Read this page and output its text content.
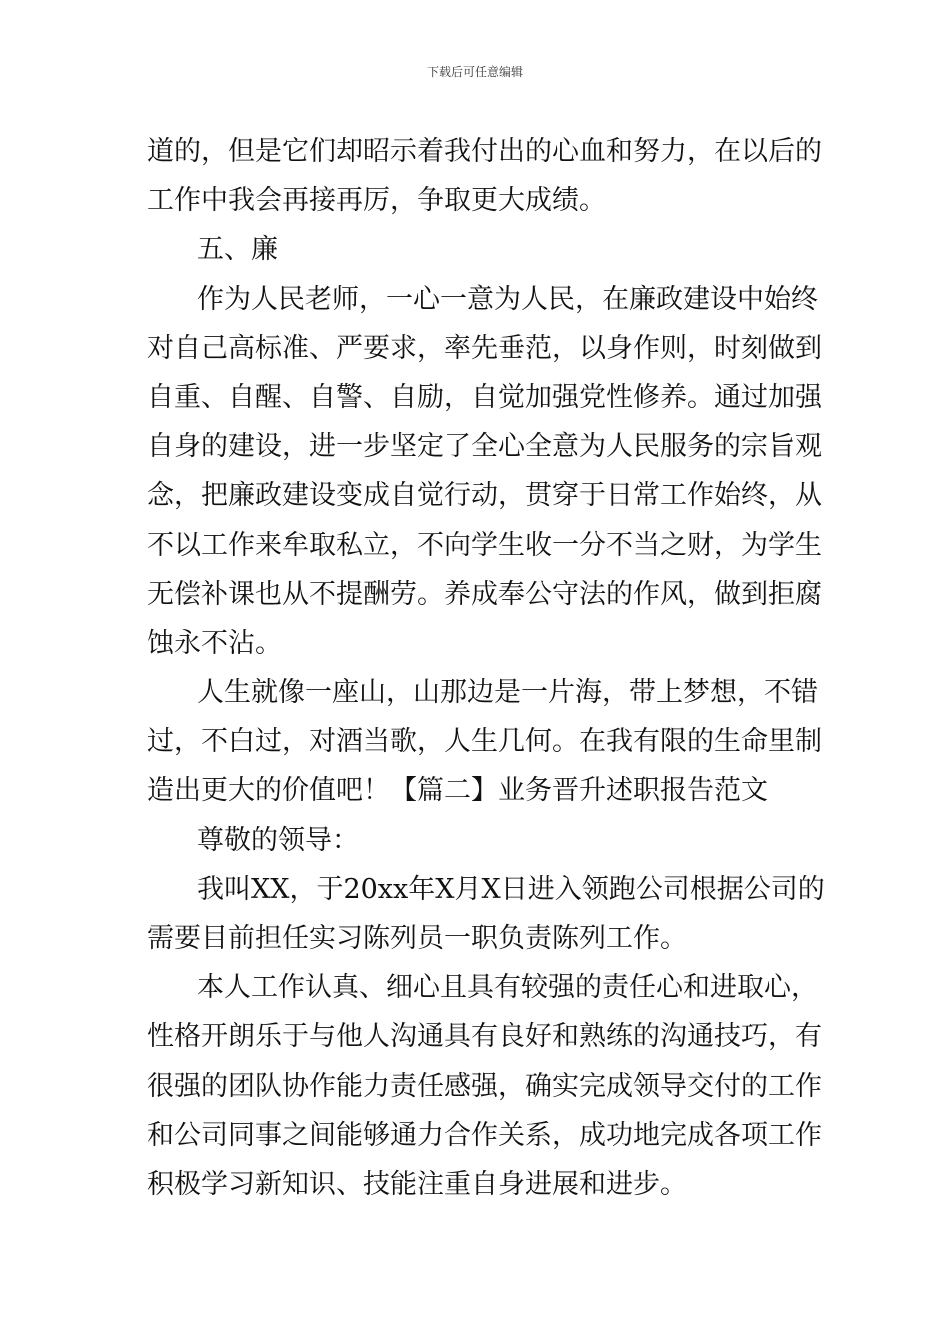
下载后可任意编辑
道的，但是它们却昭示着我付出的心血和努力，在以后的
工作中我会再接再厉，争取更大成绩。
五、廉
作为人民老师，一心一意为人民，在廉政建设中始终
对自己高标准、严要求，率先垂范，以身作则，时刻做到
自重、自醒、自警、自励，自觉加强党性修养。通过加强
自身的建设，进一步坚定了全心全意为人民服务的宗旨观
念，把廉政建设变成自觉行动，贯穿于日常工作始终，从
不以工作来牟取私立，不向学生收一分不当之财，为学生
无偿补课也从不提酬劳。养成奉公守法的作风，做到拒腐
蚀永不沾。
人生就像一座山，山那边是一片海，带上梦想，不错
过，不白过，对酒当歌，人生几何。在我有限的生命里制
造出更大的价值吧！【篇二】业务晋升述职报告范文
尊敬的领导：
我叫XX，于20xx年X月X日进入领跑公司根据公司的
需要目前担任实习陈列员一职负责陈列工作。
本人工作认真、细心且具有较强的责任心和进取心，
性格开朗乐于与他人沟通具有良好和熟练的沟通技巧，有
很强的团队协作能力责任感强，确实完成领导交付的工作
和公司同事之间能够通力合作关系，成功地完成各项工作
积极学习新知识、技能注重自身进展和进步。
